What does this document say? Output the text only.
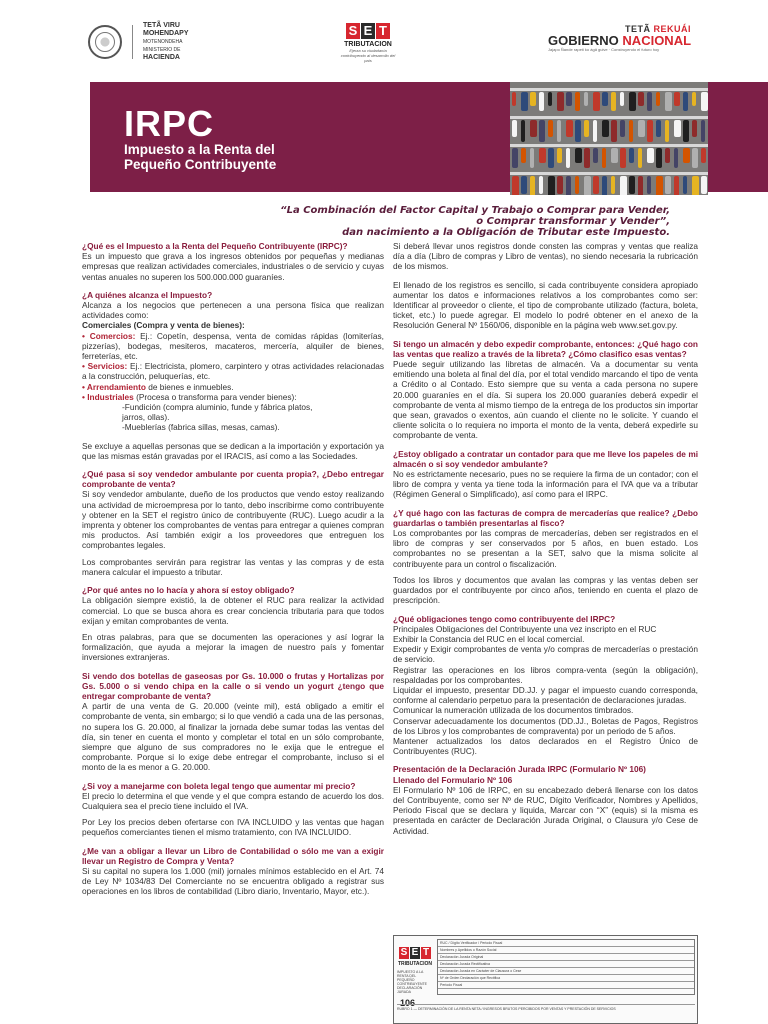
TETÃ VIRU
MOHENDAPY
MOTENONDEHA
MINISTERIO DE
HACIENDA
S E T
TRIBUTACION
Ejerza su ciudadanía contribuyendo al desarrollo del país
TETÃ REKUÁI
GOBIERNO NACIONAL
Jajapo Ñande rapeti ko ágä guive · Construyendo el futuro hoy
IRPC
Impuesto a la Renta del
Pequeño Contribuyente
“La Combinación del Factor Capital y Trabajo o Comprar para Vender,
o Comprar transformar y Vender”,
dan nacimiento a la Obligación de Tributar este Impuesto.
¿Qué es el Impuesto a la Renta del Pequeño Contribuyente (IRPC)?
Es un impuesto que grava a los ingresos obtenidos por pequeñas y medianas empresas que realizan actividades comerciales, industriales o de servicio y cuyas ventas anuales no superen los 500.000.000 guaraníes.
¿A quiénes alcanza el Impuesto?
Alcanza a los negocios que pertenecen a una persona física que realizan actividades como:
Comerciales (Compra y venta de bienes):
• Comercios: Ej.: Copetín, despensa, venta de comidas rápidas (lomiterías, pizzerías), bodegas, mesiteros, macateros, mercería, alquiler de bienes, ferreterías, etc.
• Servicios: Ej.: Electricista, plomero, carpintero y otras actividades relacionadas a la construcción, peluquerías, etc.
• Arrendamiento de bienes e inmuebles.
• Industriales (Procesa o transforma para vender bienes):
-Fundición (compra aluminio, funde y fábrica platos,
jarros, ollas).
-Mueblerías (fabrica sillas, mesas, camas).
Se excluye a aquellas personas que se dedican a la importación y exportación ya que las mismas están gravadas por el IRACIS, así como a las Sociedades.
¿Qué pasa si soy vendedor ambulante por cuenta propia?, ¿Debo entregar comprobante de venta?
Si soy vendedor ambulante, dueño de los productos que vendo estoy realizando una actividad de microempresa por lo tanto, debo inscribirme como contribuyente y obtener en la SET el registro único de contribuyente (RUC). Luego acudir a la imprenta y obtener los comprobantes de ventas para entregar a quienes compran mis productos. Así también exigir a los proveedores que entreguen los comprobantes legales.
Los comprobantes servirán para registrar las ventas y las compras y de esta manera calcular el impuesto a tributar.
¿Por qué antes no lo hacía y ahora sí estoy obligado?
La obligación siempre existió, la de obtener el RUC para realizar la actividad comercial. Lo que se busca ahora es crear conciencia tributaria para que todos exijan y emitan comprobantes de venta.
En otras palabras, para que se documenten las operaciones y así lograr la formalización, que ayuda a mejorar la imagen de nuestro país y fomentar inversiones extranjeras.
Si vendo dos botellas de gaseosas por Gs. 10.000 o frutas y Hortalizas por Gs. 5.000 o si vendo chipa en la calle o si vendo un yogurt ¿tengo que entregar comprobante de venta?
A partir de una venta de G. 20.000 (veinte mil), está obligado a emitir el comprobante de venta, sin embargo; si lo que vendió a cada una de las personas, no supera los G. 20.000, al finalizar la jornada debe sumar todas las ventas del día, sin tener en cuenta el monto y completar el total en un sólo comprobante, siempre que alguno de sus compradores no le exija que le entregue el comprobante. Porque si lo exige debe entregar el comprobante, incluso si el monto de la es menor a G. 20.000.
¿Si voy a manejarme con boleta legal tengo que aumentar mi precio?
El precio lo determina el que vende y el que compra estando de acuerdo los dos. Cualquiera sea el precio tiene incluido el IVA.
Por Ley los precios deben ofertarse con IVA INCLUIDO y las ventas que hagan pequeños comerciantes tienen el mismo tratamiento, con IVA INCLUIDO.
¿Me van a obligar a llevar un Libro de Contabilidad o sólo me van a exigir llevar un Registro de Compra y Venta?
Si su capital no supera los 1.000 (mil) jornales mínimos establecido en el Art. 74 de Ley Nº 1034/83 Del Comerciante no se encuentra obligado a registrar sus operaciones en los libros de contabilidad (Libro diario, Inventario, Mayor, etc.).
Si deberá llevar unos registros donde consten las compras y ventas que realiza día a día (Libro de compras y Libro de ventas), no siendo necesaria la rubricación de los mismos.
El llenado de los registros es sencillo, si cada contribuyente considera apropiado aumentar los datos e informaciones relativos a los comprobantes como ser: Identificar al proveedor o cliente, el tipo de comprobante utilizado (factura, boleta, ticket, etc.) lo puede agregar. El modelo lo podré obtener en el anexo de la Resolución General Nº 1560/06, disponible en la página web www.set.gov.py.
Si tengo un almacén y debo expedir comprobante, entonces: ¿Qué hago con las ventas que realizo a través de la libreta? ¿Cómo clasifico esas ventas?
Puede seguir utilizando las libretas de almacén. Va a documentar su venta emitiendo una boleta al final del día, por el total vendido marcando el tipo de venta a Crédito o al Contado. Esto siempre que su venta a cada persona no supere 20.000 guaraníes en el día. Si supera los 20.000 guaraníes deberá expedir el comprobante de venta al mismo tiempo de la entrega de los productos sin importar que sean, gravados o exentos, aún cuando el cliente no le solicite. Y cuando el cliente solicita o lo requiera no importa el monto de la venta, deberá expedirle su comprobante de venta.
¿Estoy obligado a contratar un contador para que me lleve los papeles de mi almacén o si soy vendedor ambulante?
No es estrictamente necesario, pues no se requiere la firma de un contador; con el libro de compra y venta ya tiene toda la información para el IVA que va a tributar (Régimen General o Simplificado), así como para el IRPC.
¿Y qué hago con las facturas de compra de mercaderías que realice? ¿Debo guardarlas o también presentarlas al fisco?
Los comprobantes por las compras de mercaderías, deben ser registrados en el libro de compras y ser conservados por 5 años, en buen estado. Los comprobantes no se presentan a la SET, salvo que la misma solicite al contribuyente para un control o fiscalización.
Todos los libros y documentos que avalan las compras y las ventas deben ser guardados por el contribuyente por cinco años, teniendo en cuenta el plazo de prescripción.
¿Qué obligaciones tengo como contribuyente del IRPC?
Principales Obligaciones del Contribuyente una vez inscripto en el RUC
Exhibir la Constancia del RUC en el local comercial.
Expedir y Exigir comprobantes de venta y/o compras de mercaderías o prestación de servicio.
Registrar las operaciones en los libros compra-venta (según la obligación), respaldadas por los comprobantes.
Liquidar el impuesto, presentar DD.JJ. y pagar el impuesto cuando corresponda, conforme al calendario perpetuo para la presentación de declaraciones juradas.
Comunicar la numeración utilizada de los documentos timbrados.
Conservar adecuadamente los documentos (DD.JJ., Boletas de Pagos, Registros de los Libros y los comprobantes de compraventa) por un periodo de 5 años.
Mantener actualizados los datos declarados en el Registro Único de Contribuyentes (RUC).
Presentación de la Declaración Jurada IRPC (Formulario Nº 106)
Llenado del Formulario Nº 106
El Formulario Nº 106 de IRPC, en su encabezado deberá llenarse con los datos del Contribuyente, como ser Nº de RUC, Dígito Verificador, Nombres y Apellidos, Periodo Fiscal que se declara y liquida, Marcar con “X” (equis) si la misma es presentada en carácter de Declaración Jurada Original, o Clausura y/o Cese de Actividad.
S E T
TRIBUTACION
IMPUESTO A LA RENTA DEL PEQUEÑO CONTRIBUYENTE DECLARACIÓN JURADA
106
RUC / Dígito Verificador / Periodo Fiscal
Nombres y Apellidos o Razón Social
Declaración Jurada Original
Declaración Jurada Rectificativa
Declaración Jurada en Carácter de Clausura o Cese
Nº de Orden Declaración que Rectifica
Periodo Fiscal
RUBRO 1 — DETERMINACIÓN DE LA RENTA NETA / INGRESOS BRUTOS PERCIBIDOS POR VENTAS Y PRESTACIÓN DE SERVICIOS
